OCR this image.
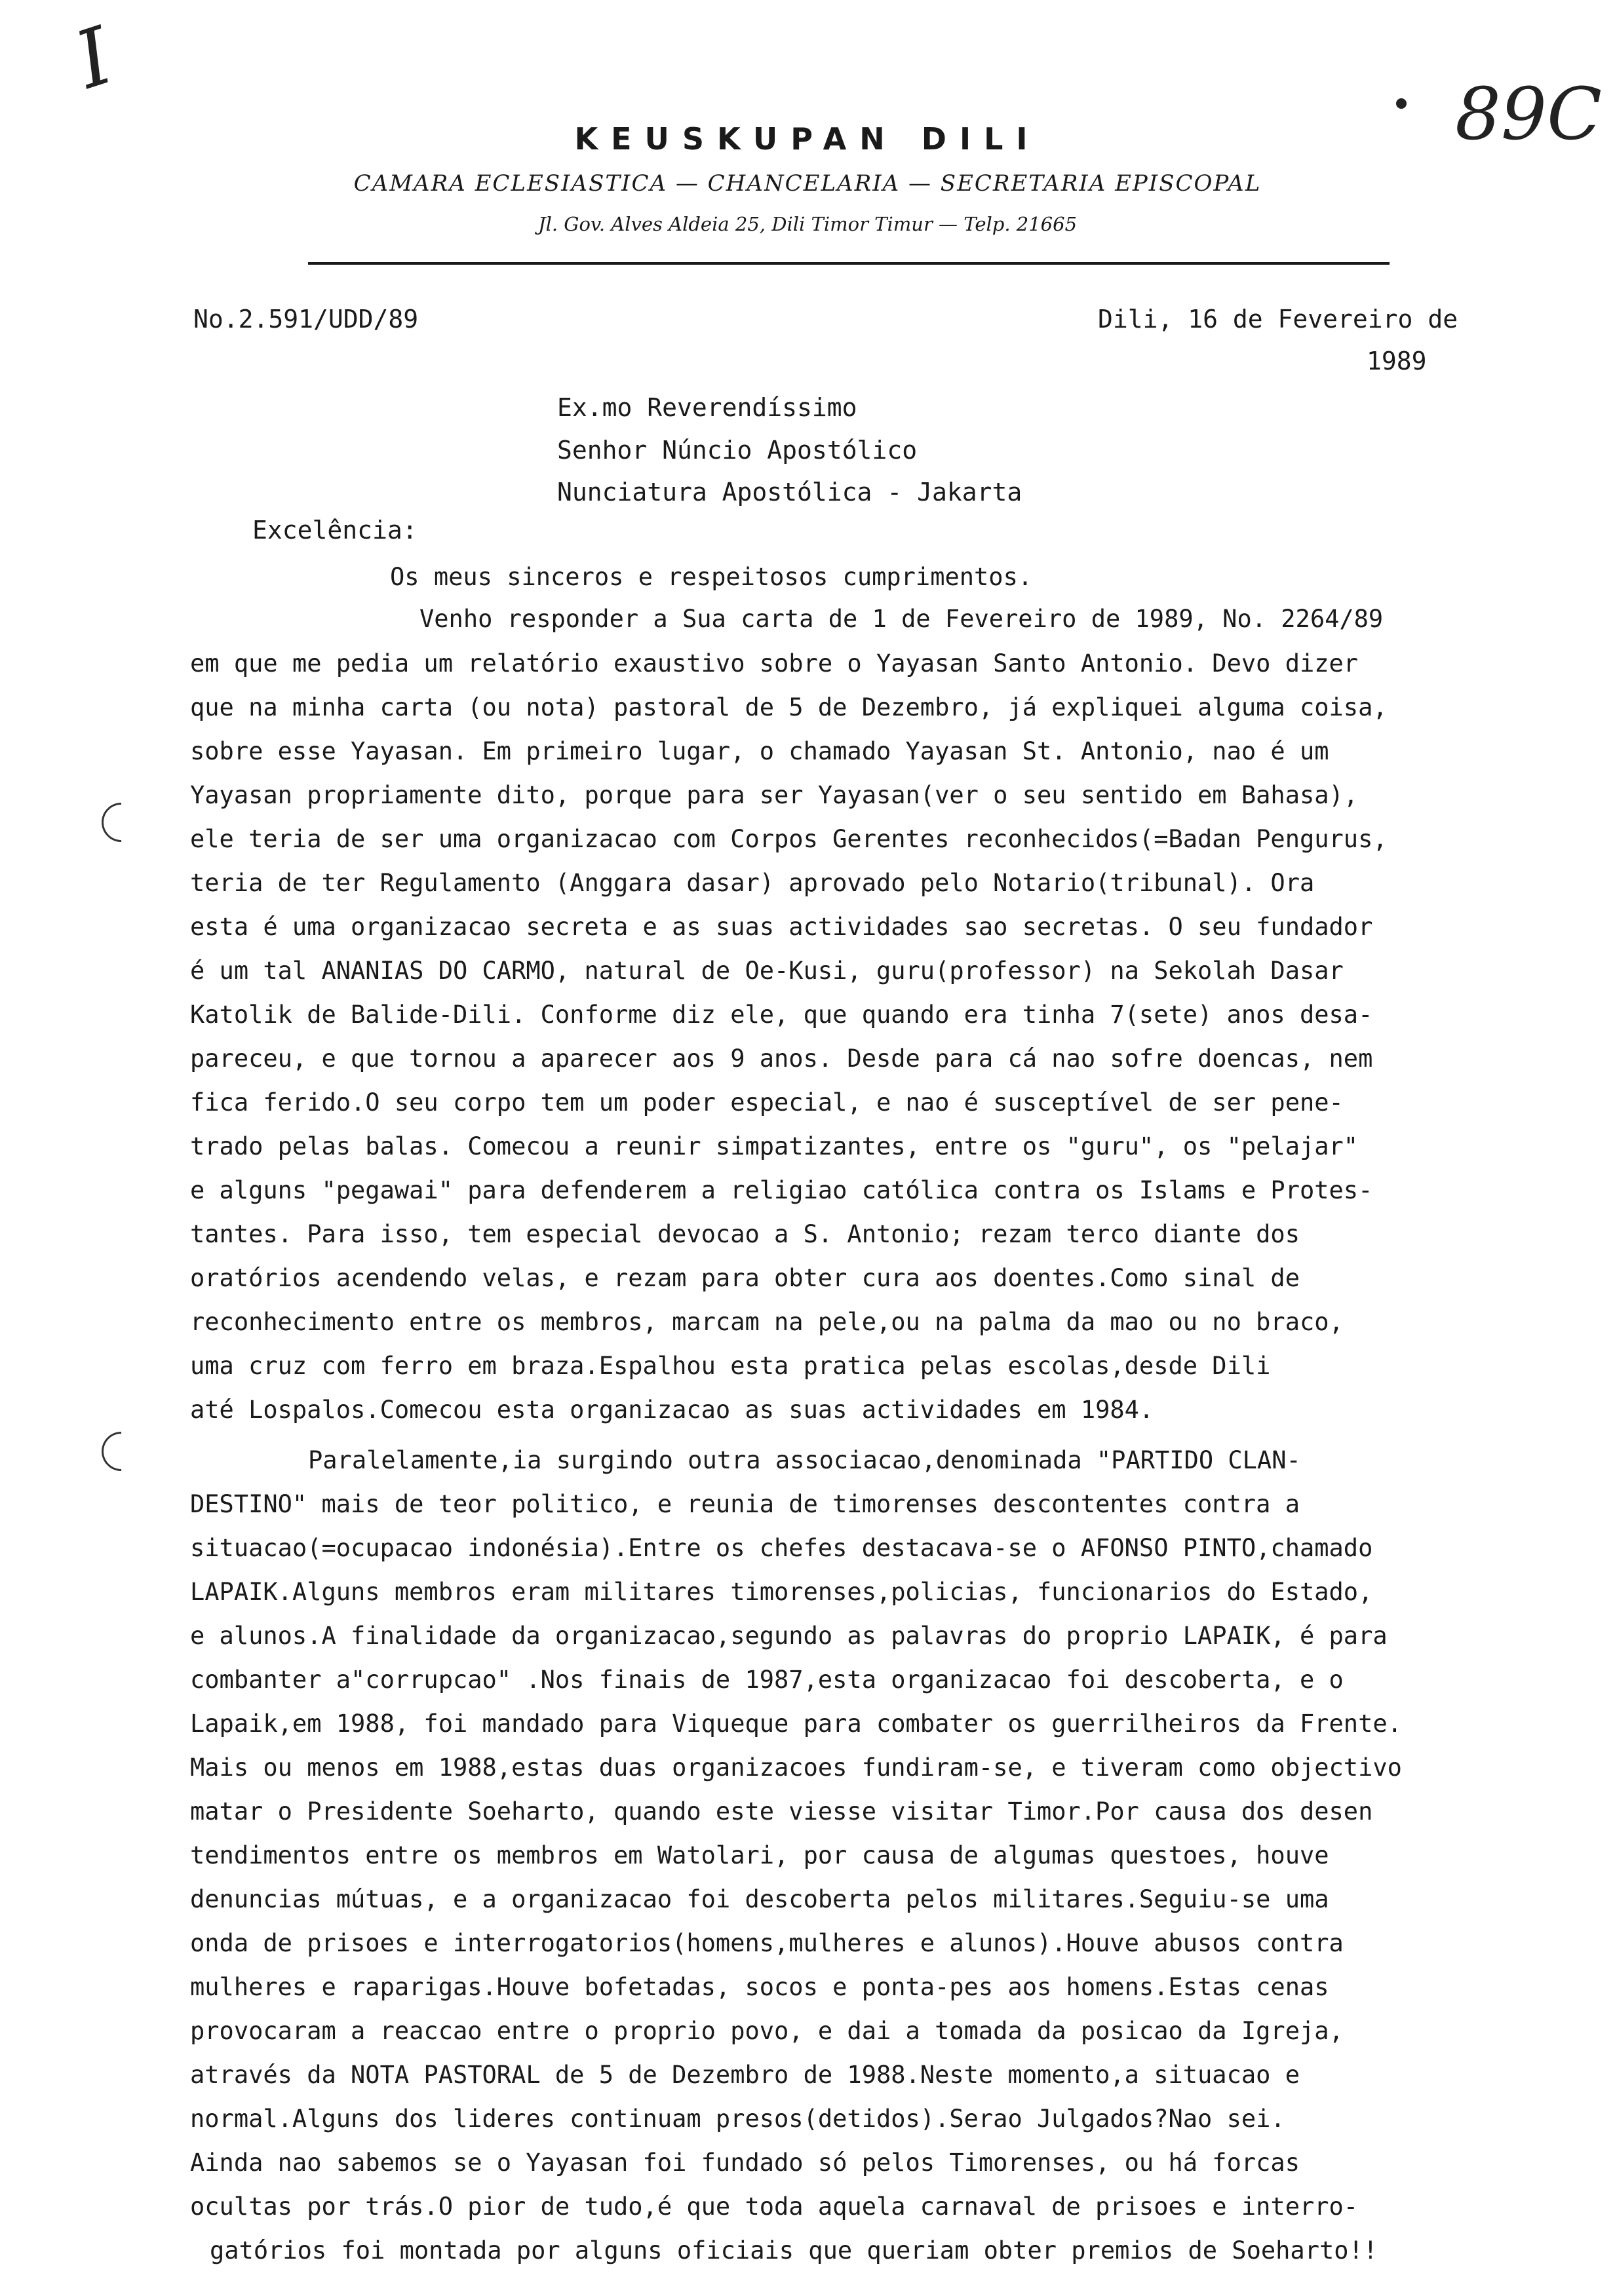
I
89C
KEUSKUPAN DILI
CAMARA ECLESIASTICA — CHANCELARIA — SECRETARIA EPISCOPAL
Jl. Gov. Alves Aldeia 25, Dili Timor Timur — Telp. 21665
No.2.591/UDD/89	Dili, 16 de Fevereiro de
1989
Ex.mo Reverendíssimo
Senhor Núncio Apostólico
Nunciatura Apostólica - Jakarta
Excelência:
Os meus sinceros e respeitosos cumprimentos.
Venho responder a Sua carta de 1 de Fevereiro de 1989, No. 2264/89
em que me pedia um relatório exaustivo sobre o Yayasan Santo Antonio. Devo dizer
que na minha carta (ou nota) pastoral de 5 de Dezembro, já expliquei alguma coisa,
sobre esse Yayasan. Em primeiro lugar, o chamado Yayasan St. Antonio, nao é um
Yayasan propriamente dito, porque para ser Yayasan(ver o seu sentido em Bahasa),
ele teria de ser uma organizacao com Corpos Gerentes reconhecidos(=Badan Pengurus,
teria de ter Regulamento (Anggara dasar) aprovado pelo Notario(tribunal). Ora
esta é uma organizacao secreta e as suas actividades sao secretas. O seu fundador
é um tal ANANIAS DO CARMO, natural de Oe-Kusi, guru(professor) na Sekolah Dasar
Katolik de Balide-Dili. Conforme diz ele, que quando era tinha 7(sete) anos desa-
pareceu, e que tornou a aparecer aos 9 anos. Desde para cá nao sofre doencas, nem
fica ferido.O seu corpo tem um poder especial, e nao é susceptível de ser pene-
trado pelas balas. Comecou a reunir simpatizantes, entre os "guru", os "pelajar"
e alguns "pegawai" para defenderem a religiao católica contra os Islams e Protes-
tantes. Para isso, tem especial devocao a S. Antonio; rezam terco diante dos
oratórios acendendo velas, e rezam para obter cura aos doentes.Como sinal de
reconhecimento entre os membros, marcam na pele,ou na palma da mao ou no braco,
uma cruz com ferro em braza.Espalhou esta pratica pelas escolas,desde Dili
até Lospalos.Comecou esta organizacao as suas actividades em 1984.
Paralelamente,ia surgindo outra associacao,denominada "PARTIDO CLAN-
DESTINO" mais de teor politico, e reunia de timorenses descontentes contra a
situacao(=ocupacao indonésia).Entre os chefes destacava-se o AFONSO PINTO,chamado
LAPAIK.Alguns membros eram militares timorenses,policias, funcionarios do Estado,
e alunos.A finalidade da organizacao,segundo as palavras do proprio LAPAIK, é para
combanter a"corrupcao" .Nos finais de 1987,esta organizacao foi descoberta, e o
Lapaik,em 1988, foi mandado para Viqueque para combater os guerrilheiros da Frente.
Mais ou menos em 1988,estas duas organizacoes fundiram-se, e tiveram como objectivo
matar o Presidente Soeharto, quando este viesse visitar Timor.Por causa dos desen
tendimentos entre os membros em Watolari, por causa de algumas questoes, houve
denuncias mútuas, e a organizacao foi descoberta pelos militares.Seguiu-se uma
onda de prisoes e interrogatorios(homens,mulheres e alunos).Houve abusos contra
mulheres e raparigas.Houve bofetadas, socos e ponta-pes aos homens.Estas cenas
provocaram a reaccao entre o proprio povo, e dai a tomada da posicao da Igreja,
através da NOTA PASTORAL de 5 de Dezembro de 1988.Neste momento,a situacao e
normal.Alguns dos lideres continuam presos(detidos).Serao Julgados?Nao sei.
Ainda nao sabemos se o Yayasan foi fundado só pelos Timorenses, ou há forcas
ocultas por trás.O pior de tudo,é que toda aquela carnaval de prisoes e interro-
gatórios foi montada por alguns oficiais que queriam obter premios de Soeharto!!
